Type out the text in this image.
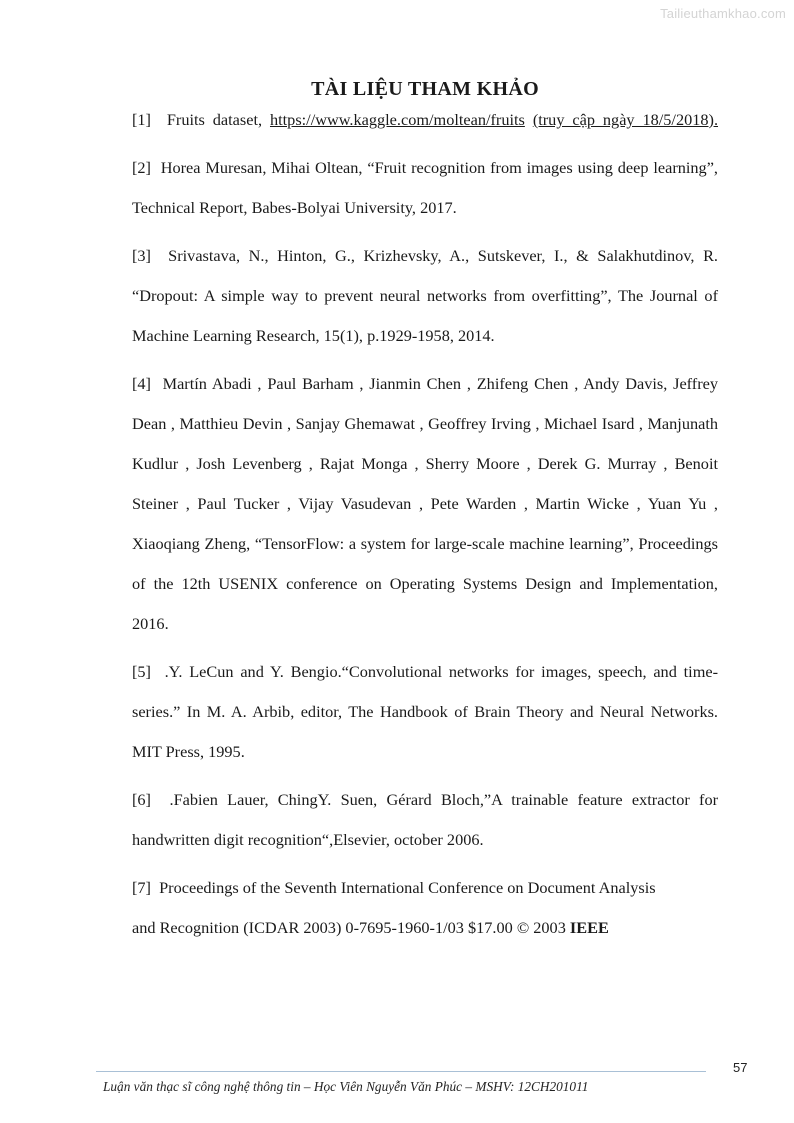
Tailieuthamkhao.com
TÀI LIỆU THAM KHẢO

[1] Fruits dataset, https://www.kaggle.com/moltean/fruits (truy cập ngày 18/5/2018).

[2] Horea Muresan, Mihai Oltean, “Fruit recognition from images using deep learning”, Technical Report, Babes-Bolyai University, 2017.

[3] Srivastava, N., Hinton, G., Krizhevsky, A., Sutskever, I., & Salakhutdinov, R. “Dropout: A simple way to prevent neural networks from overfitting”, The Journal of Machine Learning Research, 15(1), p.1929-1958, 2014.

[4] Martín Abadi , Paul Barham , Jianmin Chen , Zhifeng Chen , Andy Davis, Jeffrey Dean , Matthieu Devin , Sanjay Ghemawat , Geoffrey Irving , Michael Isard , Manjunath Kudlur , Josh Levenberg , Rajat Monga , Sherry Moore , Derek G. Murray , Benoit Steiner , Paul Tucker , Vijay Vasudevan , Pete Warden , Martin Wicke , Yuan Yu , Xiaoqiang Zheng, “TensorFlow: a system for large-scale machine learning”, Proceedings of the 12th USENIX conference on Operating Systems Design and Implementation, 2016.

[5] .Y. LeCun and Y. Bengio.“Convolutional networks for images, speech, and time-series.” In M. A. Arbib, editor, The Handbook of Brain Theory and Neural Networks. MIT Press, 1995.

[6] .Fabien Lauer, ChingY. Suen, Gérard Bloch,”A trainable feature extractor for handwritten digit recognition“,Elsevier, october 2006.

[7] Proceedings of the Seventh International Conference on Document Analysis
and Recognition (ICDAR 2003) 0-7695-1960-1/03 $17.00 © 2003 IEEE

57
Luận văn thạc sĩ công nghệ thông tin – Học Viên Nguyễn Văn Phúc – MSHV: 12CH201011
